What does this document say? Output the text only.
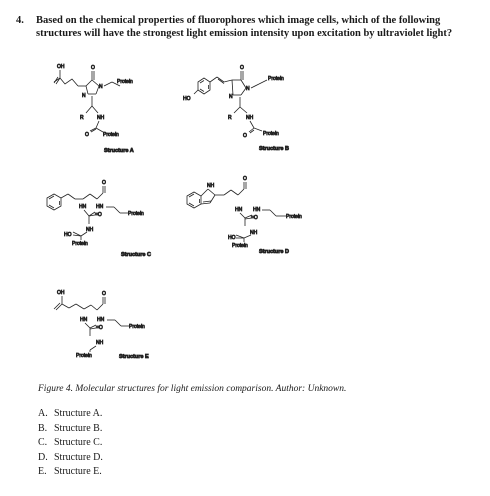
4. Based on the chemical properties of fluorophores which image cells, which of the following structures will have the strongest light emission intensity upon excitation by ultraviolet light?
OH	O
N
N
Protein
R	NH
O	Protein
Structure A
HO
O
N
N
Protein
R	NH
O	Protein
Structure B
O
HN HN
=O	Protein
NH
HO
Protein
Structure C
NH
O
HN HN
=O	Protein
NH
HO
Protein
Structure D
OH	O
HN HN
=O	Protein
NH
Protein	Structure E
Figure 4. Molecular structures for light emission comparison. Author: Unknown.
A. Structure A.
B. Structure B.
C. Structure C.
D. Structure D.
E. Structure E.
